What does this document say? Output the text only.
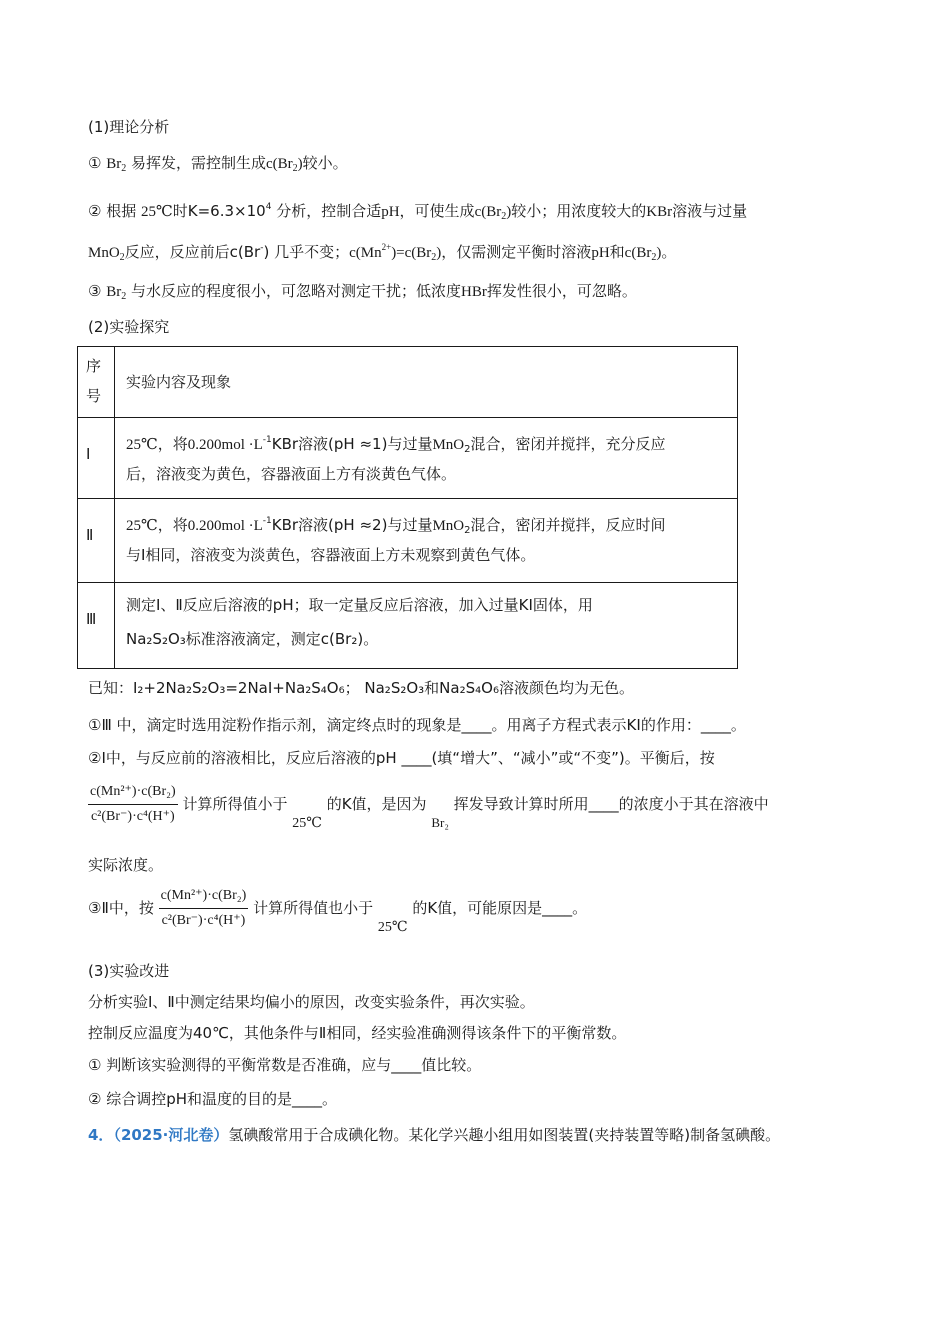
(1)理论分析
① $Br_2$ 易挥发，需控制生成$c(Br_2)$较小。
② 根据 25℃时$K=6.3\times 10^4$ 分析，控制合适pH，可使生成$c(Br_2)$较小；用浓度较大的KBr溶液与过量
MnO$_2$反应，反应前后c(Br-) 几乎不变；$c(Mn^{2+})=c(Br_2)$，仅需测定平衡时溶液pH和$c(Br_2)$。
③ $Br_2$ 与水反应的程度很小，可忽略对测定干扰；低浓度HBr挥发性很小，可忽略。
(2)实验探究
序号
实验内容及现象
Ⅰ 25℃，将$0.200mol \cdot L^{-1}KBr$溶液(pH ≈1)与过量MnO$_2$混合，密闭并搅拌，充分反应
后，溶液变为黄色，容器液面上方有淡黄色气体。
Ⅱ 25℃，将$0.200mol \cdot L^{-1}KBr$溶液(pH ≈2)与过量MnO$_2$混合，密闭并搅拌，反应时间
与Ⅰ相同，溶液变为淡黄色，容器液面上方未观察到黄色气体。
Ⅲ
测定Ⅰ、Ⅱ反应后溶液的pH；取一定量反应后溶液，加入过量KI固体，用
Na₂S₂O₃标准溶液滴定，测定c(Br₂)。
已知：I₂+2Na₂S₂O₃=2NaI+Na₂S₄O₆； Na₂S₂O₃和Na₂S₄O₆溶液颜色均为无色。
①Ⅲ 中，滴定时选用淀粉作指示剂，滴定终点时的现象是____。用离子方程式表示KI的作用：____。
②Ⅰ中，与反应前的溶液相比，反应后溶液的pH ____(填“增大”、“减小”或“不变”)。平衡后，按
$\frac{\text{c(Mn²⁺)·c(Br₂)}}{\text{c²(Br⁻)·c⁴(H⁺)}}$ 计算所得值小于 25℃ 的K值，是因为 Br₂ 挥发导致计算时所用____的浓度小于其在溶液中
实际浓度。
③Ⅱ中，按 $\frac{\text{c(Mn²⁺)·c(Br₂)}}{\text{c²(Br⁻)·c⁴(H⁺)}}$ 计算所得值也小于 25℃ 的K值，可能原因是____。
(3)实验改进
分析实验Ⅰ、Ⅱ中测定结果均偏小的原因，改变实验条件，再次实验。
控制反应温度为40℃，其他条件与Ⅱ相同，经实验准确测得该条件下的平衡常数。
① 判断该实验测得的平衡常数是否准确，应与____值比较。
② 综合调控pH和温度的目的是____。
4．（2025·河北卷）氢碘酸常用于合成碘化物。某化学兴趣小组用如图装置(夹持装置等略)制备氢碘酸。
